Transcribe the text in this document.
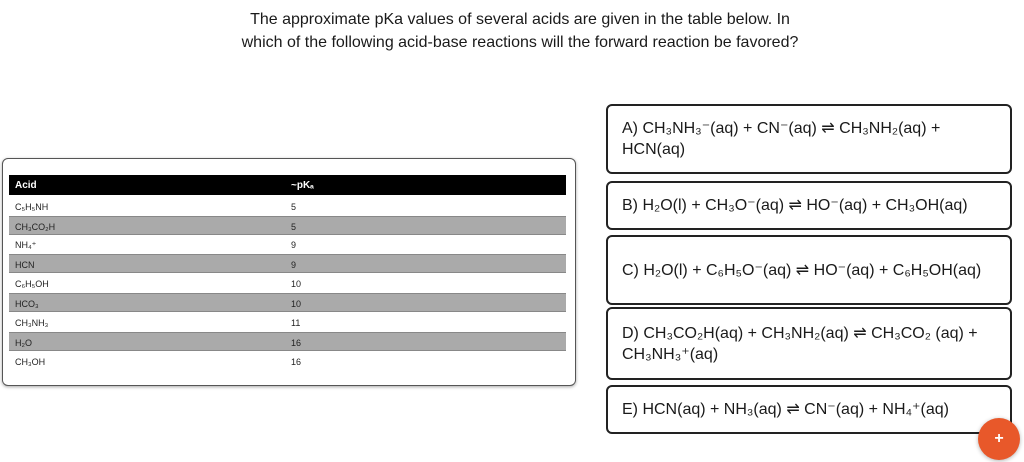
The approximate pKa values of several acids are given in the table below. In
which of the following acid-base reactions will the forward reaction be favored?
Acid	~pKₐ
C₅H₅NH	5
CH₃CO₂H	5
NH₄⁺	9
HCN	9
C₆H₅OH	10
HCO₃	10
CH₃NH₃	11
H₂O	16
CH₃OH	16
A) CH₃NH₃⁻(aq) + CN⁻(aq) ⇌ CH₃NH₂(aq) + HCN(aq)
B) H₂O(l) + CH₃O⁻(aq) ⇌ HO⁻(aq) + CH₃OH(aq)
C) H₂O(l) + C₆H₅O⁻(aq) ⇌ HO⁻(aq) + C₆H₅OH(aq)
D) CH₃CO₂H(aq) + CH₃NH₂(aq) ⇌ CH₃CO₂ (aq) + CH₃NH₃⁺(aq)
E) HCN(aq) + NH₃(aq) ⇌ CN⁻(aq) + NH₄⁺(aq)
+
